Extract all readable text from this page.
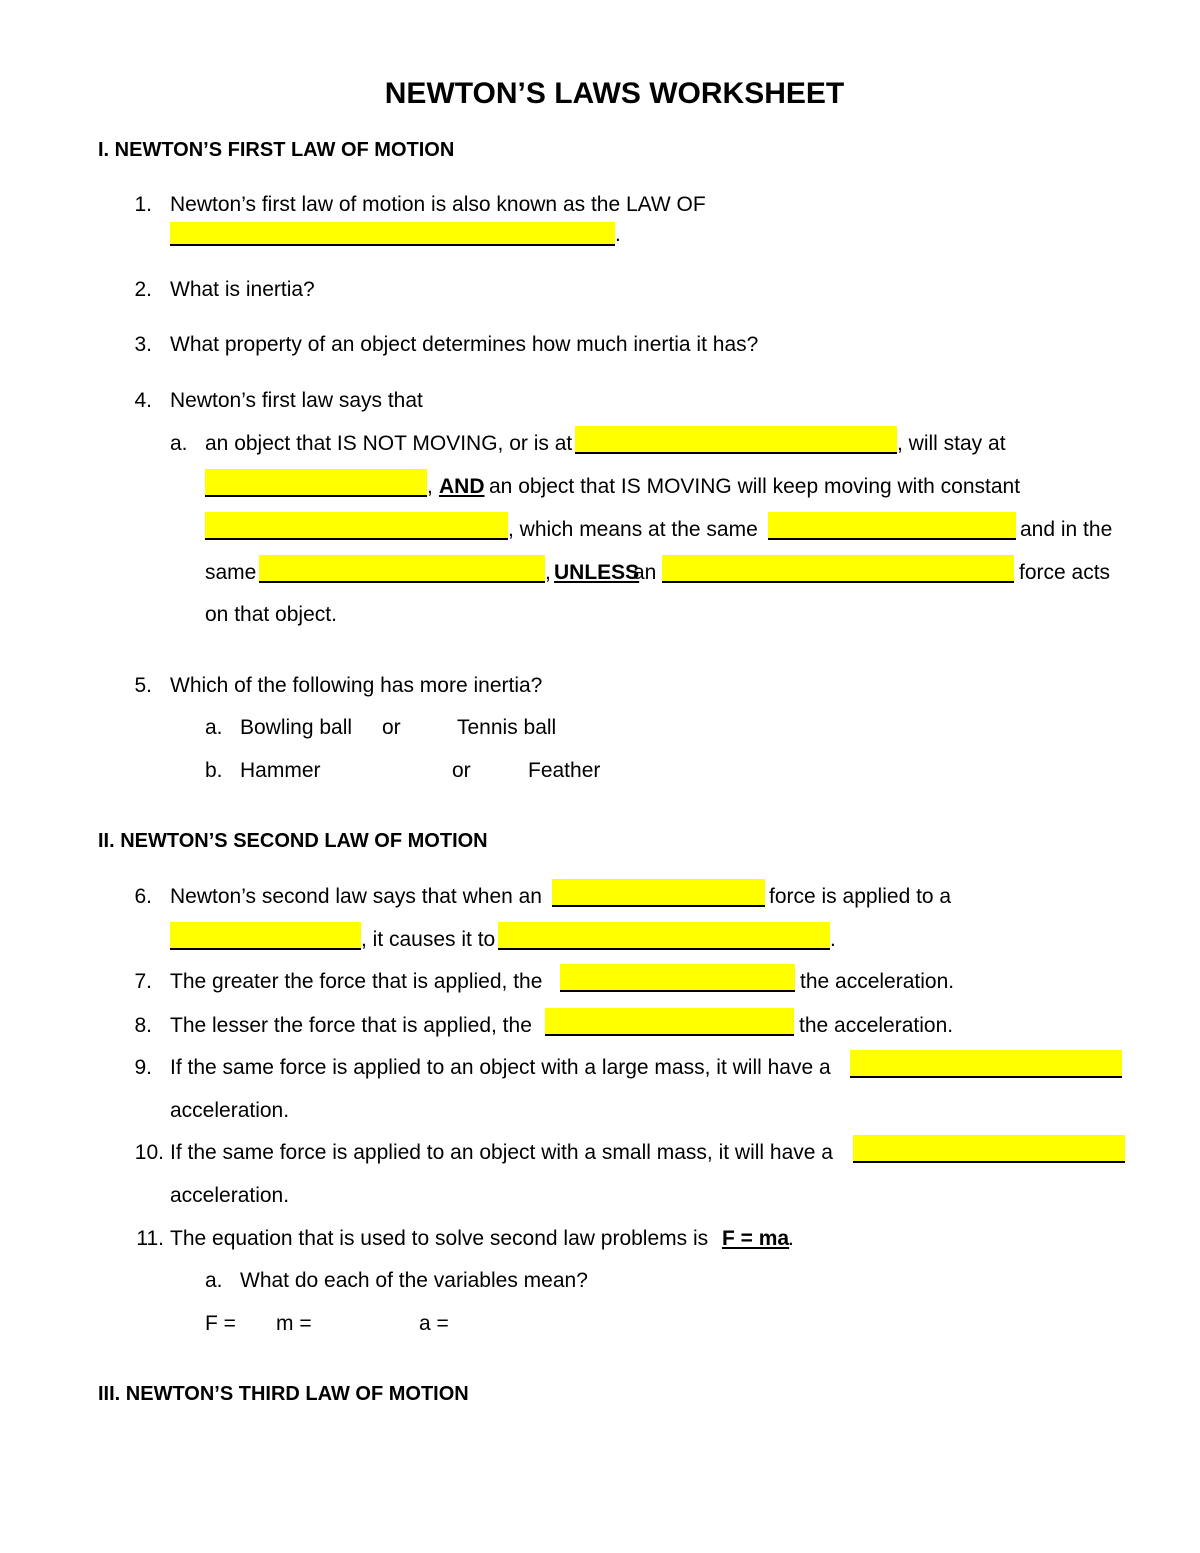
NEWTON’S LAWS WORKSHEET
I. NEWTON’S FIRST LAW OF MOTION
1. Newton’s first law of motion is also known as the LAW OF
.
2. What is inertia?
3. What property of an object determines how much inertia it has?
4. Newton’s first law says that
a. an object that IS NOT MOVING, or is at	, will stay at
, AND an object that IS MOVING will keep moving with constant
, which means at the same	and in the
same	, UNLESS
an	force acts
on that object.
5. Which of the following has more inertia?
a. Bowling ball or	Tennis ball
b. Hammer	or	Feather
II. NEWTON’S SECOND LAW OF MOTION
6. Newton’s second law says that when an	force is applied to a
, it causes it to	.
7. The greater the force that is applied, the	the acceleration.
8. The lesser the force that is applied, the	the acceleration.
9. If the same force is applied to an object with a large mass, it will have a
acceleration.
10. If the same force is applied to an object with a small mass, it will have a
acceleration.
11. The equation that is used to solve second law problems is F = ma
.
a. What do each of the variables mean?
F = m =	a =
III. NEWTON’S THIRD LAW OF MOTION
